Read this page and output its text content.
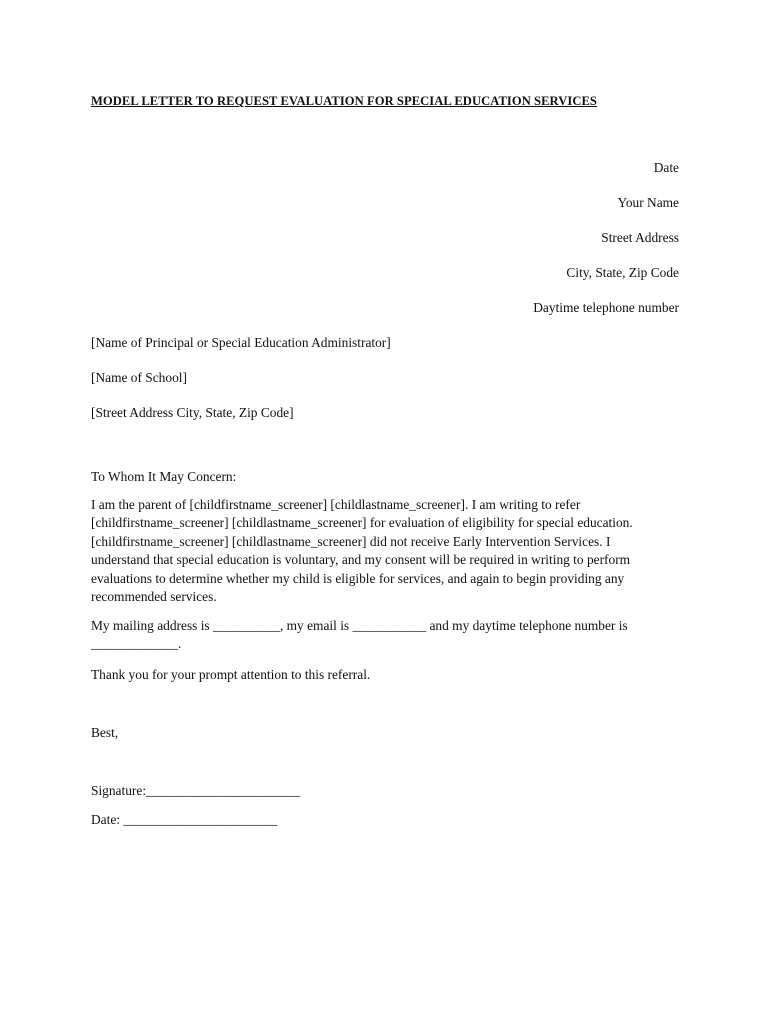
MODEL LETTER TO REQUEST EVALUATION FOR SPECIAL EDUCATION SERVICES
Date
Your Name
Street Address
City, State, Zip Code
Daytime telephone number
[Name of Principal or Special Education Administrator]
[Name of School]
[Street Address City, State, Zip Code]
To Whom It May Concern:
I am the parent of [childfirstname_screener] [childlastname_screener]. I am writing to refer
[childfirstname_screener] [childlastname_screener] for evaluation of eligibility for special education.
[childfirstname_screener] [childlastname_screener] did not receive Early Intervention Services. I
understand that special education is voluntary, and my consent will be required in writing to perform
evaluations to determine whether my child is eligible for services, and again to begin providing any
recommended services.
My mailing address is __________, my email is ___________ and my daytime telephone number is
_____________.
Thank you for your prompt attention to this referral.
Best,
Signature:_______________________
Date: _______________________
